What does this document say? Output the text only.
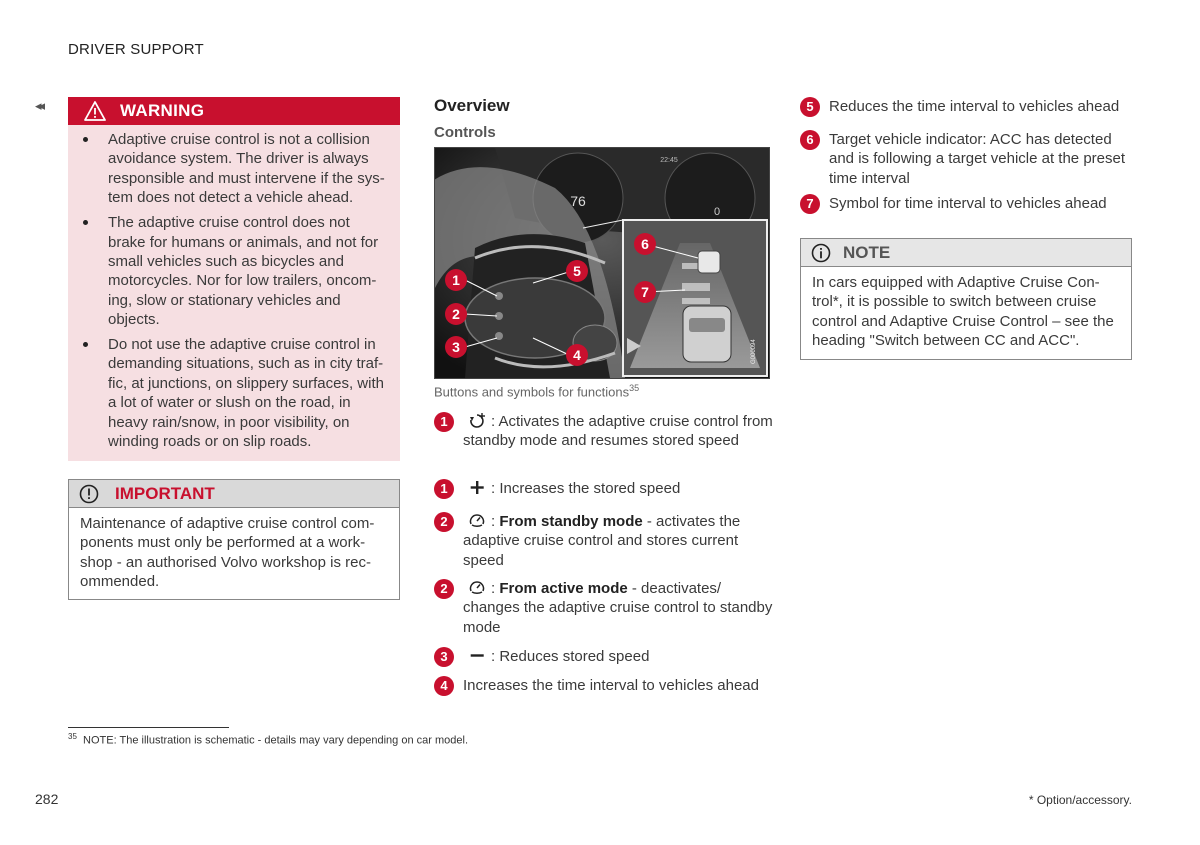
DRIVER SUPPORT
◂◂	WARNING
Adaptive cruise control is not a collision avoidance system. The driver is always responsible and must intervene if the sys-tem does not detect a vehicle ahead.
The adaptive cruise control does not brake for humans or animals, and not for small vehicles such as bicycles and motorcycles. Nor for low trailers, oncom-ing, slow or stationary vehicles and objects.
Do not use the adaptive cruise control in demanding situations, such as in city traf-fic, at junctions, on slippery surfaces, with a lot of water or slush on the road, in heavy rain/snow, in poor visibility, on winding roads or on slip roads.
IMPORTANT
Maintenance of adaptive cruise control com-ponents must only be performed at a work-shop - an authorised Volvo workshop is rec-ommended.
Overview
Controls
76
0
22:45
G000094
1
2
3	4
5
6
7
Buttons and symbols for functions$^{35}$
1	: Activates the adaptive cruise control from standby mode and resumes stored speed
1	: Increases the stored speed
2	: From standby mode - activates the adaptive cruise control and stores current speed
2	: From active mode - deactivates/ changes the adaptive cruise control to standby mode
3	: Reduces stored speed
4	Increases the time interval to vehicles ahead
5	Reduces the time interval to vehicles ahead
6	Target vehicle indicator: ACC has detected and is following a target vehicle at the preset time interval
7	Symbol for time interval to vehicles ahead
NOTE
In cars equipped with Adaptive Cruise Con-trol*, it is possible to switch between cruise control and Adaptive Cruise Control – see the heading "Switch between CC and ACC".
$^{35}$ NOTE: The illustration is schematic - details may vary depending on car model.
282	* Option/accessory.
